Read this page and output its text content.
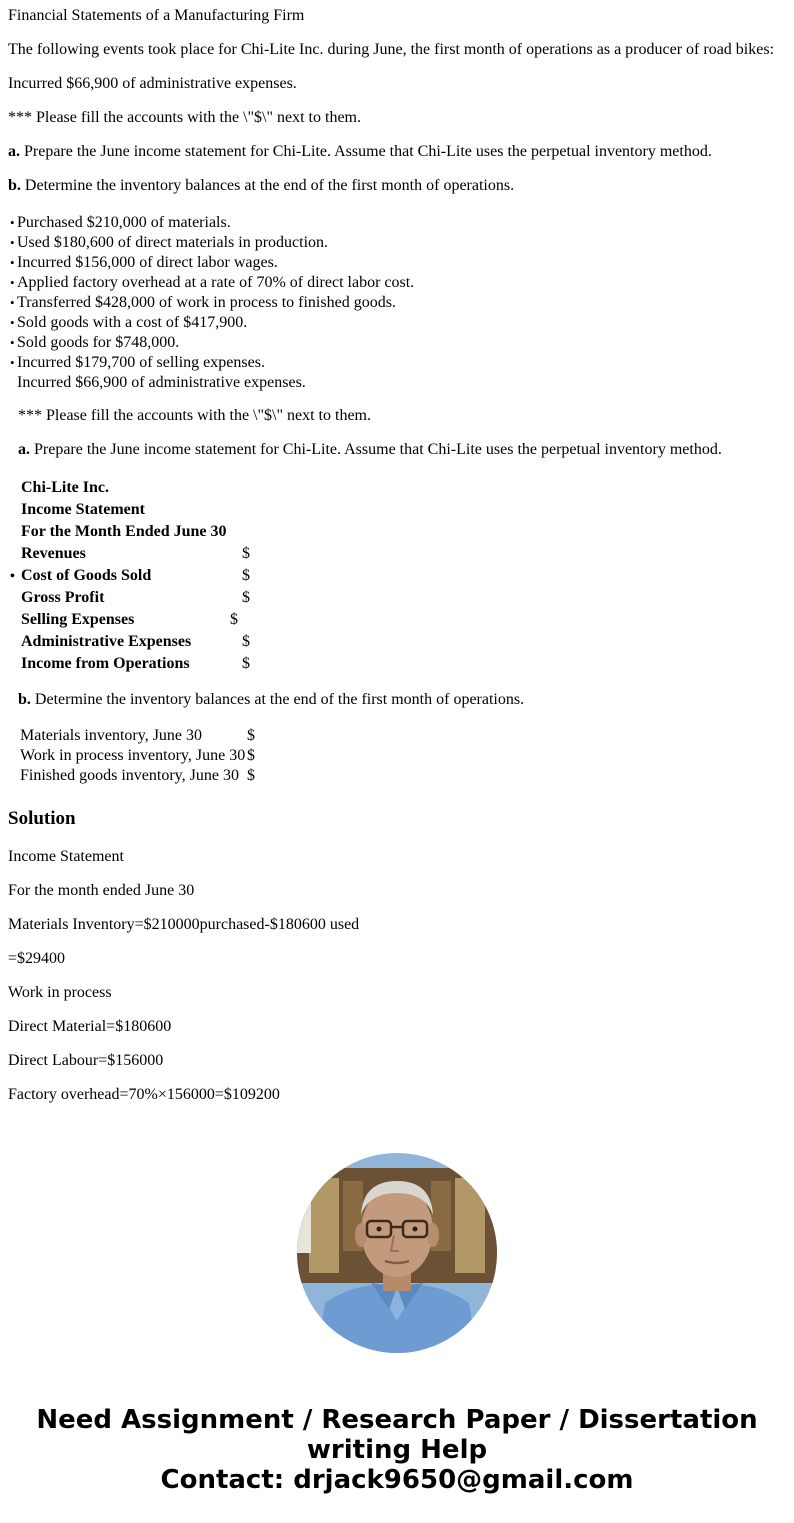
Financial Statements of a Manufacturing Firm
The following events took place for Chi-Lite Inc. during June, the first month of operations as a producer of road bikes:
Incurred $66,900 of administrative expenses.
*** Please fill the accounts with the \"$\" next to them.
a. Prepare the June income statement for Chi-Lite. Assume that Chi-Lite uses the perpetual inventory method.
b. Determine the inventory balances at the end of the first month of operations.
• Purchased $210,000 of materials.
• Used $180,600 of direct materials in production.
• Incurred $156,000 of direct labor wages.
• Applied factory overhead at a rate of 70% of direct labor cost.
• Transferred $428,000 of work in process to finished goods.
• Sold goods with a cost of $417,900.
• Sold goods for $748,000.
• Incurred $179,700 of selling expenses.
Incurred $66,900 of administrative expenses.
*** Please fill the accounts with the \"$\" next to them.
a. Prepare the June income statement for Chi-Lite. Assume that Chi-Lite uses the perpetual inventory method.
Chi-Lite Inc.
Income Statement
For the Month Ended June 30
Revenues	$
Cost of Goods Sold	$
•
Gross Profit	$
Selling Expenses	$
Administrative Expenses	$
Income from Operations	$
b. Determine the inventory balances at the end of the first month of operations.
Materials inventory, June 30	$
Work in process inventory, June 30 $
Finished goods inventory, June 30 $
Solution
Income Statement
For the month ended June 30
Materials Inventory=$210000purchased-$180600 used
=$29400
Work in process
Direct Material=$180600
Direct Labour=$156000
Factory overhead=70%×156000=$109200
Need Assignment / Research Paper / Dissertation
writing Help
Contact: drjack9650@gmail.com
